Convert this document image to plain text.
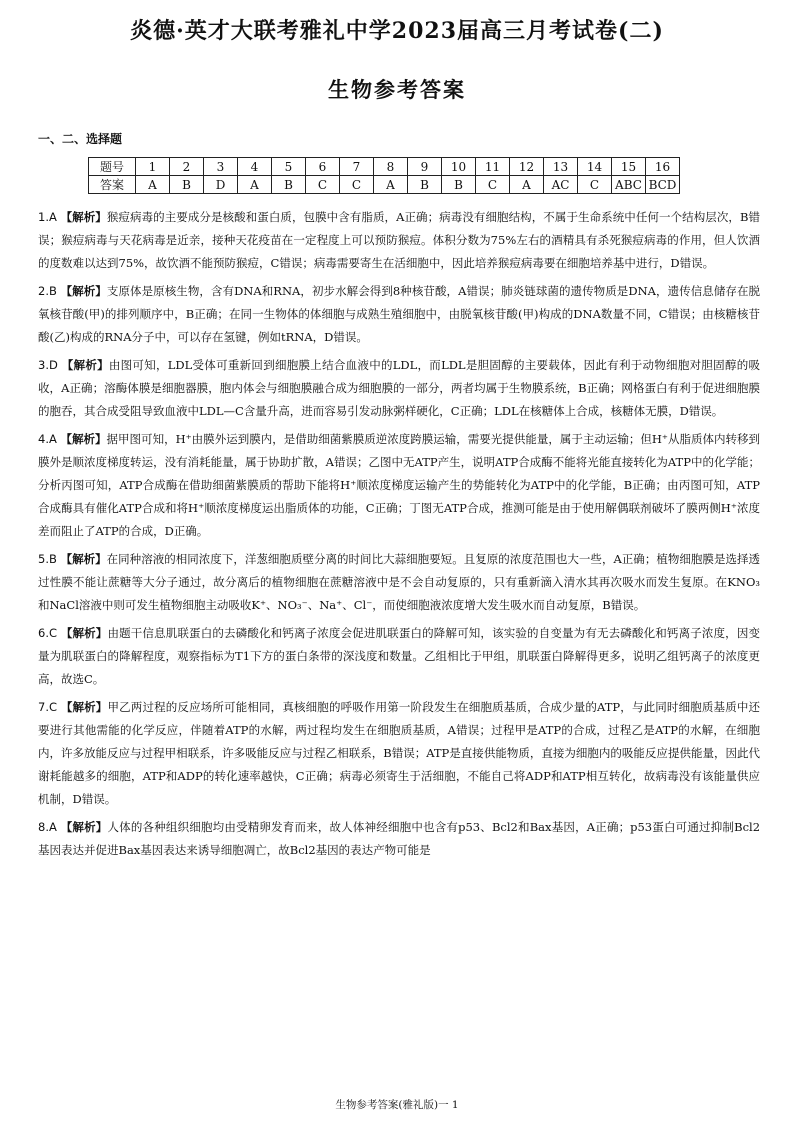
炎德·英才大联考雅礼中学2023届高三月考试卷(二)
生物参考答案
一、二、选择题
题号	1	2	3	4	5	6	7	8	9	10	11	12	13	14	15	16
答案	A	B	D	A	B	C	C	A	B	B	C	A	AC	C	ABC	BCD
1.A 【解析】猴痘病毒的主要成分是核酸和蛋白质，包膜中含有脂质，A正确；病毒没有细胞结构，不属于生命系统中任何一个结构层次，B错误；猴痘病毒与天花病毒是近亲，接种天花疫苗在一定程度上可以预防猴痘。体积分数为75%左右的酒精具有杀死猴痘病毒的作用，但人饮酒的度数难以达到75%，故饮酒不能预防猴痘，C错误；病毒需要寄生在活细胞中，因此培养猴痘病毒要在细胞培养基中进行，D错误。
2.B 【解析】支原体是原核生物，含有DNA和RNA，初步水解会得到8种核苷酸，A错误；肺炎链球菌的遗传物质是DNA，遗传信息储存在脱氧核苷酸(甲)的排列顺序中，B正确；在同一生物体的体细胞与成熟生殖细胞中，由脱氧核苷酸(甲)构成的DNA数量不同，C错误；由核糖核苷酸(乙)构成的RNA分子中，可以存在氢键，例如tRNA，D错误。
3.D 【解析】由图可知，LDL受体可重新回到细胞膜上结合血液中的LDL，而LDL是胆固醇的主要载体，因此有利于动物细胞对胆固醇的吸收，A正确；溶酶体膜是细胞器膜，胞内体会与细胞膜融合成为细胞膜的一部分，两者均属于生物膜系统，B正确；网格蛋白有利于促进细胞膜的胞吞，其合成受阻导致血液中LDL—C含量升高，进而容易引发动脉粥样硬化，C正确；LDL在核糖体上合成，核糖体无膜，D错误。
4.A 【解析】据甲图可知，H⁺由膜外运到膜内，是借助细菌紫膜质逆浓度跨膜运输，需要光提供能量，属于主动运输；但H⁺从脂质体内转移到膜外是顺浓度梯度转运，没有消耗能量，属于协助扩散，A错误；乙图中无ATP产生，说明ATP合成酶不能将光能直接转化为ATP中的化学能；分析丙图可知，ATP合成酶在借助细菌紫膜质的帮助下能将H⁺顺浓度梯度运输产生的势能转化为ATP中的化学能，B正确；由丙图可知，ATP合成酶具有催化ATP合成和将H⁺顺浓度梯度运出脂质体的功能，C正确；丁图无ATP合成，推测可能是由于使用解偶联剂破坏了膜两侧H⁺浓度差而阻止了ATP的合成，D正确。
5.B 【解析】在同种溶液的相同浓度下，洋葱细胞质壁分离的时间比大蒜细胞要短。且复原的浓度范围也大一些，A正确；植物细胞膜是选择透过性膜不能让蔗糖等大分子通过，故分离后的植物细胞在蔗糖溶液中是不会自动复原的，只有重新滴入清水其再次吸水而发生复原。在KNO₃和NaCl溶液中则可发生植物细胞主动吸收K⁺、NO₃⁻、Na⁺、Cl⁻，而使细胞液浓度增大发生吸水而自动复原，B错误。
6.C 【解析】由题干信息肌联蛋白的去磷酸化和钙离子浓度会促进肌联蛋白的降解可知，该实验的自变量为有无去磷酸化和钙离子浓度，因变量为肌联蛋白的降解程度，观察指标为T1下方的蛋白条带的深浅度和数量。乙组相比于甲组，肌联蛋白降解得更多，说明乙组钙离子的浓度更高，故选C。
7.C 【解析】甲乙两过程的反应场所可能相同，真核细胞的呼吸作用第一阶段发生在细胞质基质，合成少量的ATP，与此同时细胞质基质中还要进行其他需能的化学反应，伴随着ATP的水解，两过程均发生在细胞质基质，A错误；过程甲是ATP的合成，过程乙是ATP的水解，在细胞内，许多放能反应与过程甲相联系，许多吸能反应与过程乙相联系，B错误；ATP是直接供能物质，直接为细胞内的吸能反应提供能量，因此代谢耗能越多的细胞，ATP和ADP的转化速率越快，C正确；病毒必须寄生于活细胞，不能自己将ADP和ATP相互转化，故病毒没有该能量供应机制，D错误。
8.A 【解析】人体的各种组织细胞均由受精卵发育而来，故人体神经细胞中也含有p53、Bcl2和Bax基因，A正确；p53蛋白可通过抑制Bcl2基因表达并促进Bax基因表达来诱导细胞凋亡，故Bcl2基因的表达产物可能是
生物参考答案(雅礼版)一 1
